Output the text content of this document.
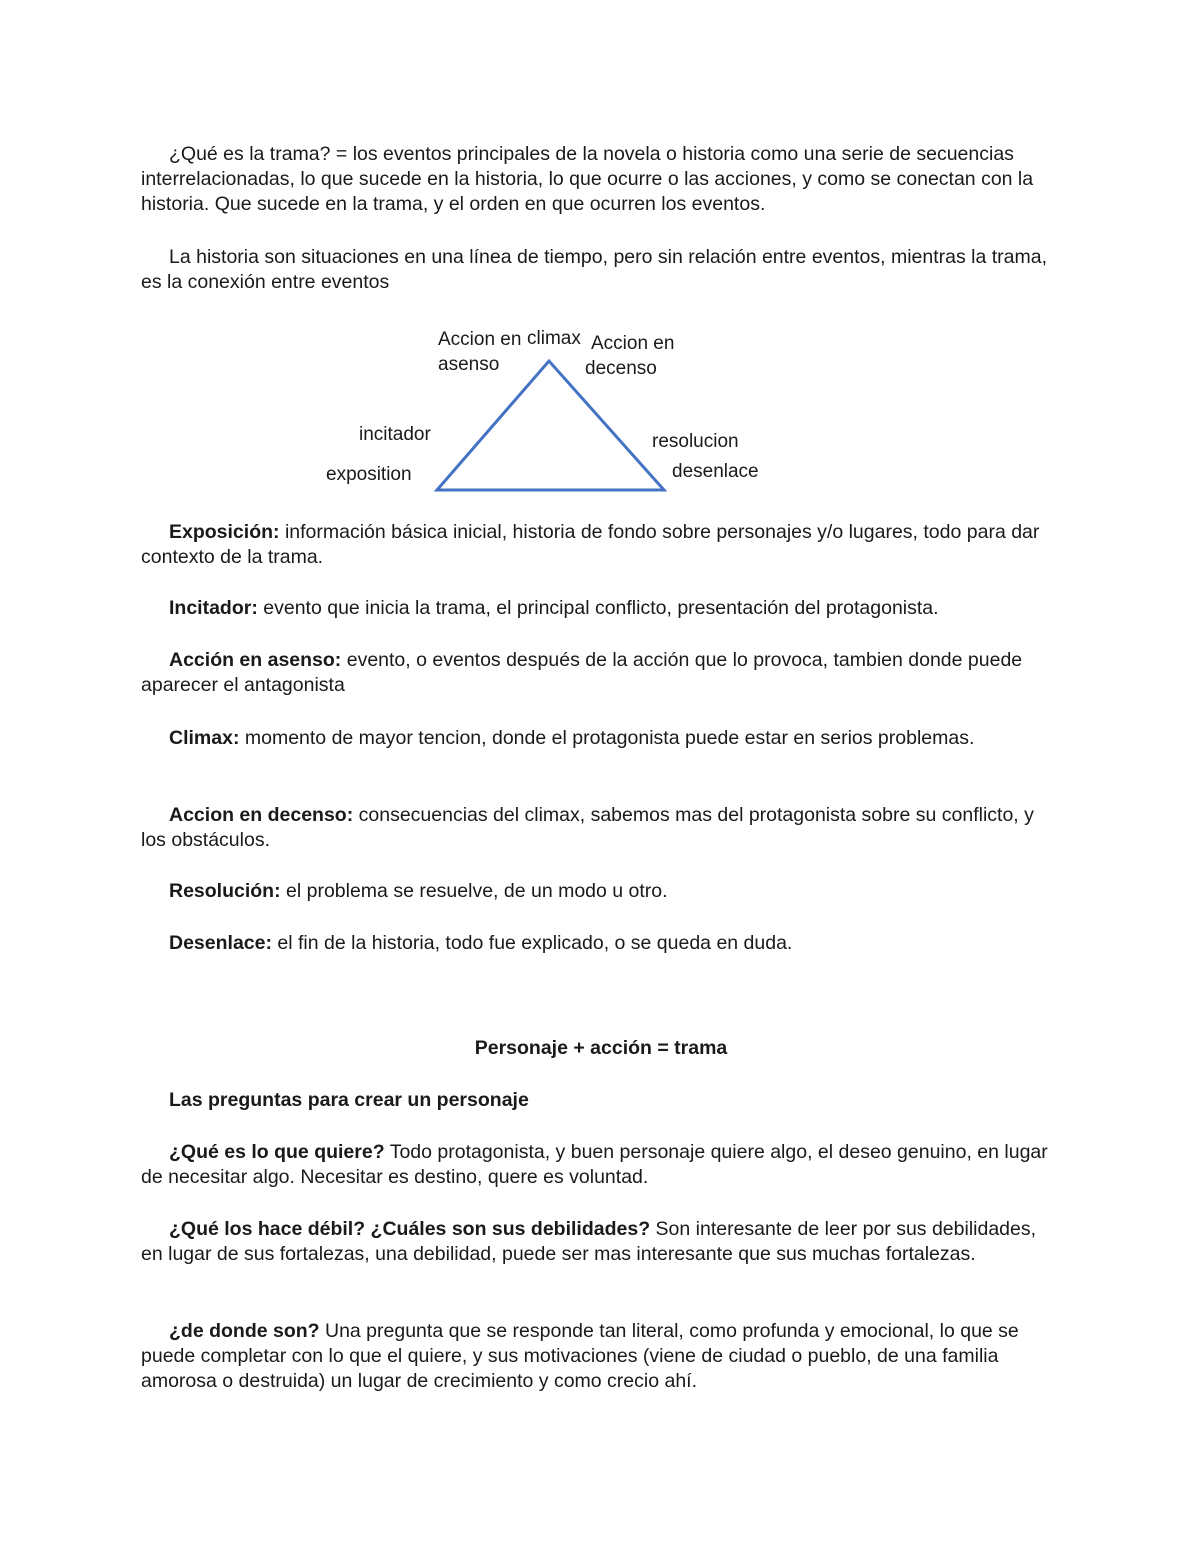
¿Qué es la trama? = los eventos principales de la novela o historia como una serie de secuencias interrelacionadas, lo que sucede en la historia, lo que ocurre o las acciones, y como se conectan con la historia. Que sucede en la trama, y el orden en que ocurren los eventos.

La historia son situaciones en una línea de tiempo, pero sin relación entre eventos, mientras la trama, es la conexión entre eventos

Exposición: información básica inicial, historia de fondo sobre personajes y/o lugares, todo para dar contexto de la trama.

Incitador: evento que inicia la trama, el principal conflicto, presentación del protagonista.

Acción en asenso: evento, o eventos después de la acción que lo provoca, tambien donde puede aparecer el antagonista

Climax: momento de mayor tencion, donde el protagonista puede estar en serios problemas.

Accion en decenso: consecuencias del climax, sabemos mas del protagonista sobre su conflicto, y los obstáculos.

Resolución: el problema se resuelve, de un modo u otro.

Desenlace: el fin de la historia, todo fue explicado, o se queda en duda.

Personaje + acción = trama

Las preguntas para crear un personaje

¿Qué es lo que quiere? Todo protagonista, y buen personaje quiere algo, el deseo genuino, en lugar de necesitar algo. Necesitar es destino, quere es voluntad.

¿Qué los hace débil? ¿Cuáles son sus debilidades? Son interesante de leer por sus debilidades, en lugar de sus fortalezas, una debilidad, puede ser mas interesante que sus muchas fortalezas.

¿de donde son? Una pregunta que se responde tan literal, como profunda y emocional, lo que se puede completar con lo que el quiere, y sus motivaciones (viene de ciudad o pueblo, de una familia amorosa o destruida) un lugar de crecimiento y como crecio ahí.

Accion en
asenso
climax Accion en
decenso
incitador
exposition
resolucion
desenlace
